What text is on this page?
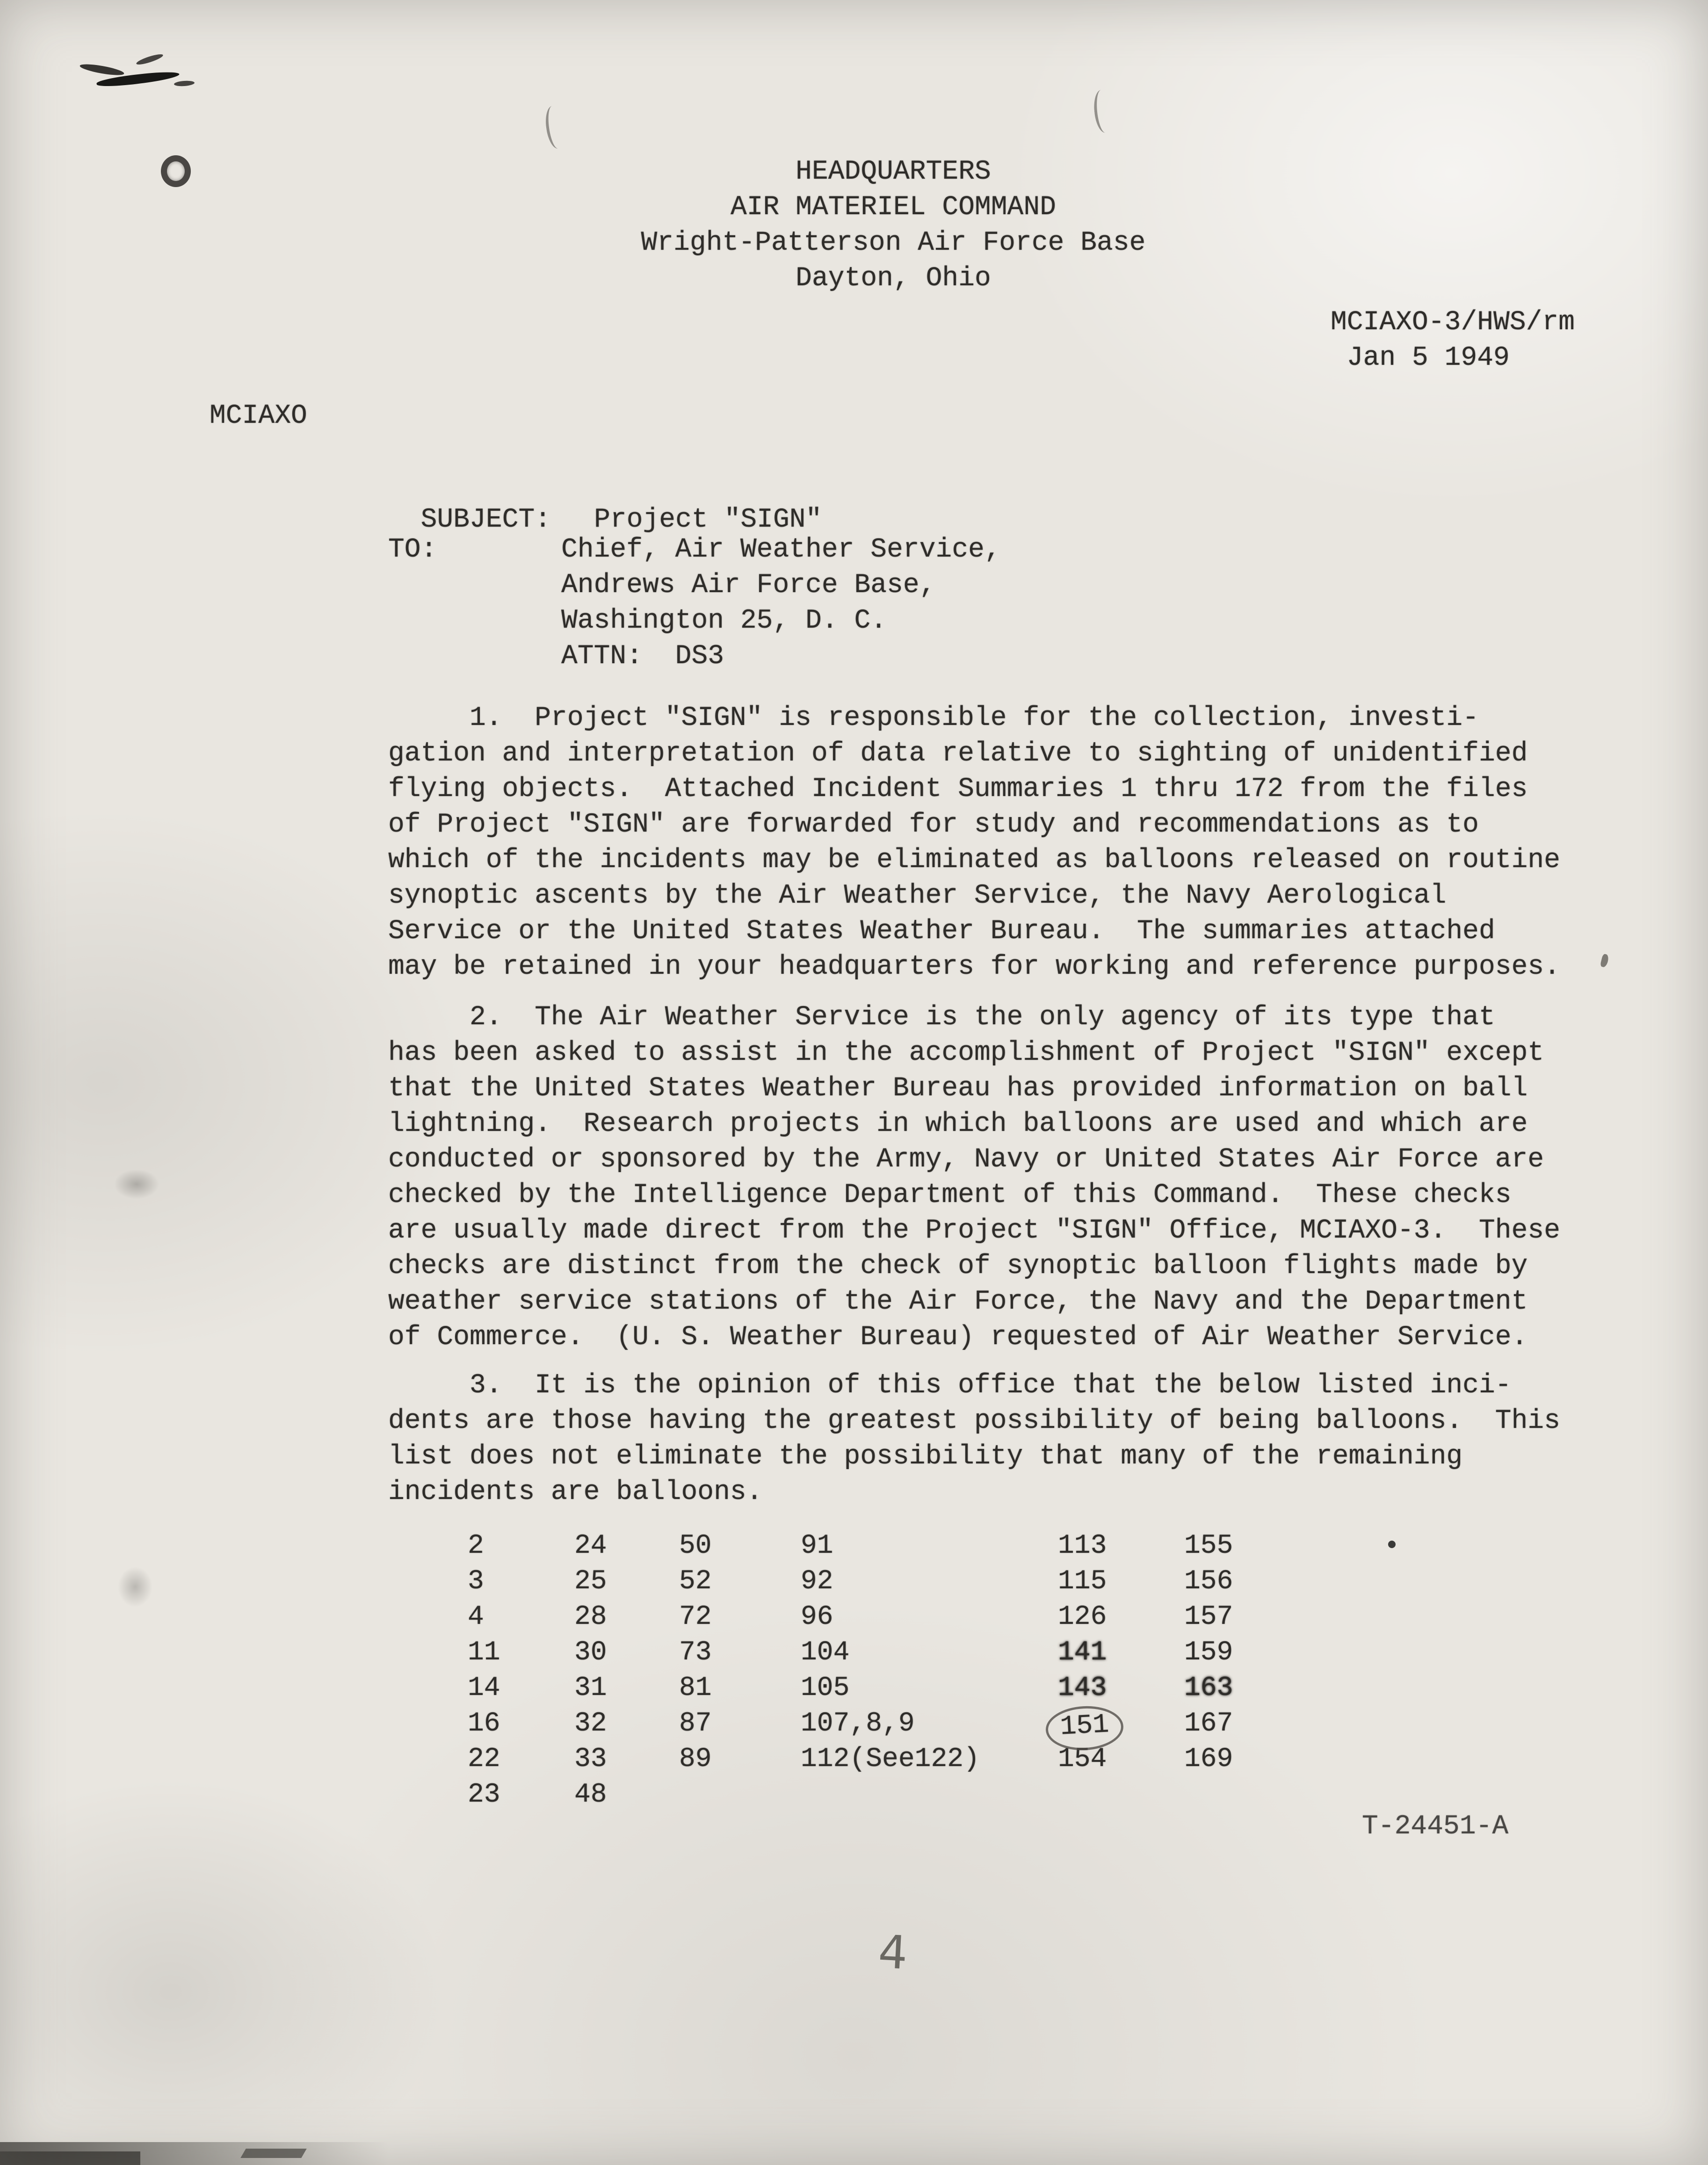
HEADQUARTERS
AIR MATERIEL COMMAND
Wright-Patterson Air Force Base
Dayton, Ohio
MCIAXO-3/HWS/rm
Jan 5 1949
MCIAXO

SUBJECT: Project "SIGN"

TO:	Chief, Air Weather Service,
Andrews Air Force Base,
Washington 25, D. C.
ATTN:  DS3
1.  Project "SIGN" is responsible for the collection, investi-
gation and interpretation of data relative to sighting of unidentified
flying objects.  Attached Incident Summaries 1 thru 172 from the files
of Project "SIGN" are forwarded for study and recommendations as to
which of the incidents may be eliminated as balloons released on routine
synoptic ascents by the Air Weather Service, the Navy Aerological
Service or the United States Weather Bureau.  The summaries attached
may be retained in your headquarters for working and reference purposes.
2.  The Air Weather Service is the only agency of its type that
has been asked to assist in the accomplishment of Project "SIGN" except
that the United States Weather Bureau has provided information on ball
lightning.  Research projects in which balloons are used and which are
conducted or sponsored by the Army, Navy or United States Air Force are
checked by the Intelligence Department of this Command.  These checks
are usually made direct from the Project "SIGN" Office, MCIAXO-3.  These
checks are distinct from the check of synoptic balloon flights made by
weather service stations of the Air Force, the Navy and the Department
of Commerce.  (U. S. Weather Bureau) requested of Air Weather Service.
3.  It is the opinion of this office that the below listed inci-
dents are those having the greatest possibility of being balloons.  This
list does not eliminate the possibility that many of the remaining
incidents are balloons.
2
3
4
11
14
16
22
23
24
25
28
30
31
32
33
48
50
52
72
73
81
87
89
91
92
96
104
105
107,8,9
112(See122)
113
115
126
141
143
151
154
155
156
157
159
163
167
169
T-24451-A
4
